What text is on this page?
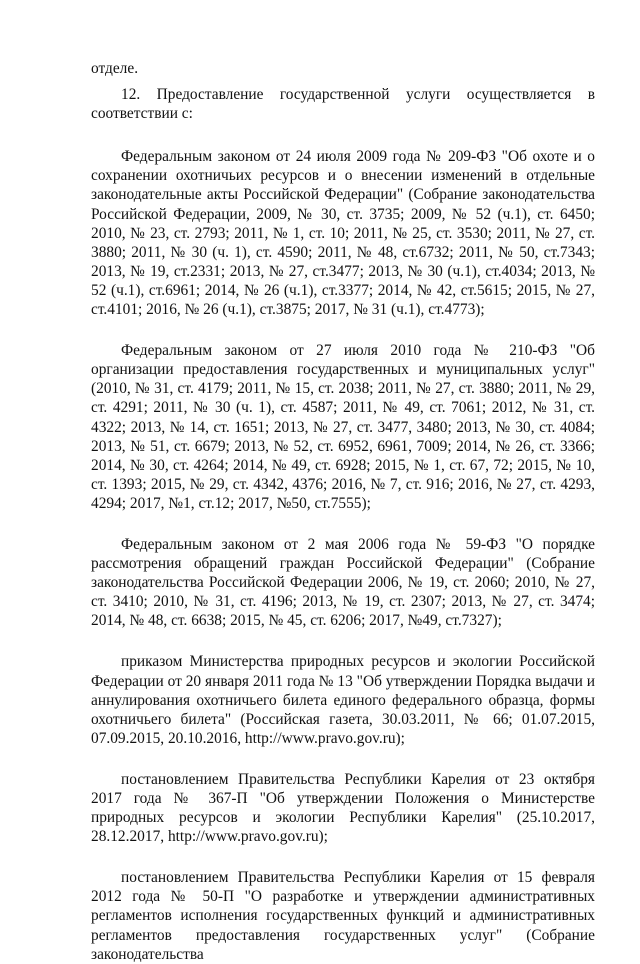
отделе.

12. Предоставление государственной услуги осуществляется в соответствии с:

Федеральным законом от 24 июля 2009 года № 209-ФЗ "Об охоте и о сохранении охотничьих ресурсов и о внесении изменений в отдельные законодательные акты Российской Федерации" (Собрание законодательства Российской Федерации, 2009, № 30, ст. 3735; 2009, № 52 (ч.1), ст. 6450; 2010, № 23, ст. 2793; 2011, № 1, ст. 10; 2011, № 25, ст. 3530; 2011, № 27, ст. 3880; 2011, № 30 (ч. 1), ст. 4590; 2011, № 48, ст.6732; 2011, № 50, ст.7343; 2013, № 19, ст.2331; 2013, № 27, ст.3477; 2013, № 30 (ч.1), ст.4034; 2013, № 52 (ч.1), ст.6961; 2014, № 26 (ч.1), ст.3377; 2014, № 42, ст.5615; 2015, № 27, ст.4101; 2016, № 26 (ч.1), ст.3875; 2017, № 31 (ч.1), ст.4773);

Федеральным законом от 27 июля 2010 года № 210-ФЗ "Об организации предоставления государственных и муниципальных услуг" (2010, № 31, ст. 4179; 2011, № 15, ст. 2038; 2011, № 27, ст. 3880; 2011, № 29, ст. 4291; 2011, № 30 (ч. 1), ст. 4587; 2011, № 49, ст. 7061; 2012, № 31, ст. 4322; 2013, № 14, ст. 1651; 2013, № 27, ст. 3477, 3480; 2013, № 30, ст. 4084; 2013, № 51, ст. 6679; 2013, № 52, ст. 6952, 6961, 7009; 2014, № 26, ст. 3366; 2014, № 30, ст. 4264; 2014, № 49, ст. 6928; 2015, № 1, ст. 67, 72; 2015, № 10, ст. 1393; 2015, № 29, ст. 4342, 4376; 2016, № 7, ст. 916; 2016, № 27, ст. 4293, 4294; 2017, №1, ст.12; 2017, №50, ст.7555);

Федеральным законом от 2 мая 2006 года № 59-ФЗ "О порядке рассмотрения обращений граждан Российской Федерации" (Собрание законодательства Российской Федерации 2006, № 19, ст. 2060; 2010, № 27, ст. 3410; 2010, № 31, ст. 4196; 2013, № 19, ст. 2307; 2013, № 27, ст. 3474; 2014, № 48, ст. 6638; 2015, № 45, ст. 6206; 2017, №49, ст.7327);

приказом Министерства природных ресурсов и экологии Российской Федерации от 20 января 2011 года № 13 "Об утверждении Порядка выдачи и аннулирования охотничьего билета единого федерального образца, формы охотничьего билета" (Российская газета, 30.03.2011, № 66; 01.07.2015, 07.09.2015, 20.10.2016, http://www.pravo.gov.ru);

постановлением Правительства Республики Карелия от 23 октября 2017 года № 367-П "Об утверждении Положения о Министерстве природных ресурсов и экологии Республики Карелия" (25.10.2017, 28.12.2017, http://www.pravo.gov.ru);

постановлением Правительства Республики Карелия от 15 февраля 2012 года № 50-П "О разработке и утверждении административных регламентов исполнения государственных функций и административных регламентов предоставления государственных услуг" (Собрание законодательства
